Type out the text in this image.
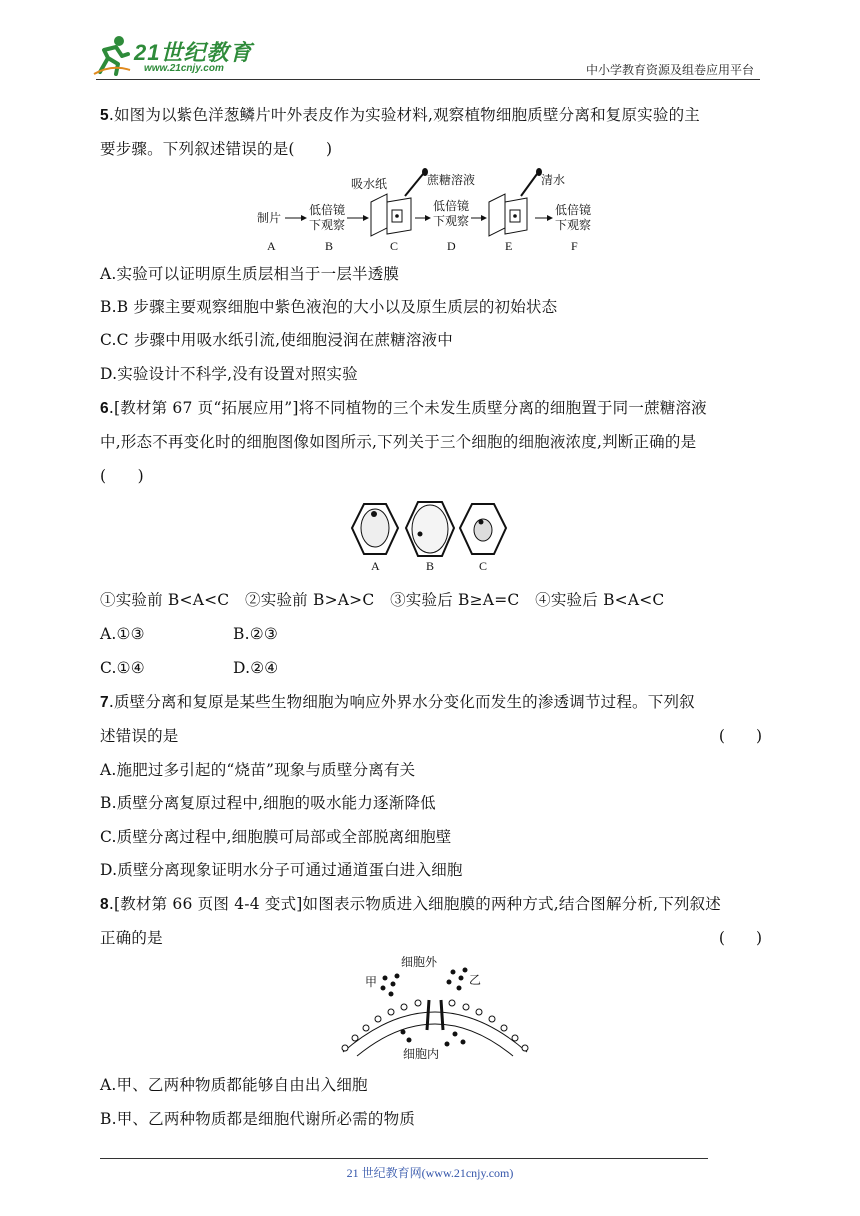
21世纪教育
www.21cnjy.com	中小学教育资源及组卷应用平台
5.如图为以紫色洋葱鳞片叶外表皮作为实验材料,观察植物细胞质壁分离和复原实验的主
要步骤。下列叙述错误的是(　　)
制片
低倍镜
下观察
吸水纸	蔗糖溶液
低倍镜
下观察
清水
低倍镜
下观察
A	B	C	D	E	F
A.实验可以证明原生质层相当于一层半透膜
B.B 步骤主要观察细胞中紫色液泡的大小以及原生质层的初始状态
C.C 步骤中用吸水纸引流,使细胞浸润在蔗糖溶液中
D.实验设计不科学,没有设置对照实验
6.[教材第 67 页“拓展应用”]将不同植物的三个未发生质壁分离的细胞置于同一蔗糖溶液
中,形态不再变化时的细胞图像如图所示,下列关于三个细胞的细胞液浓度,判断正确的是
(　　)
A	B	C
①实验前 B<A<C　②实验前 B>A>C　③实验后 B≥A=C　④实验后 B<A<C
A.①③	B.②③
C.①④	D.②④
7.质壁分离和复原是某些生物细胞为响应外界水分变化而发生的渗透调节过程。下列叙
述错误的是	(　　)
A.施肥过多引起的“烧苗”现象与质壁分离有关
B.质壁分离复原过程中,细胞的吸水能力逐渐降低
C.质壁分离过程中,细胞膜可局部或全部脱离细胞壁
D.质壁分离现象证明水分子可通过通道蛋白进入细胞
8.[教材第 66 页图 4-4 变式]如图表示物质进入细胞膜的两种方式,结合图解分析,下列叙述
正确的是	(　　)
细胞外
甲	乙
细胞内
A.甲、乙两种物质都能够自由出入细胞
B.甲、乙两种物质都是细胞代谢所必需的物质
21 世纪教育网(www.21cnjy.com)
